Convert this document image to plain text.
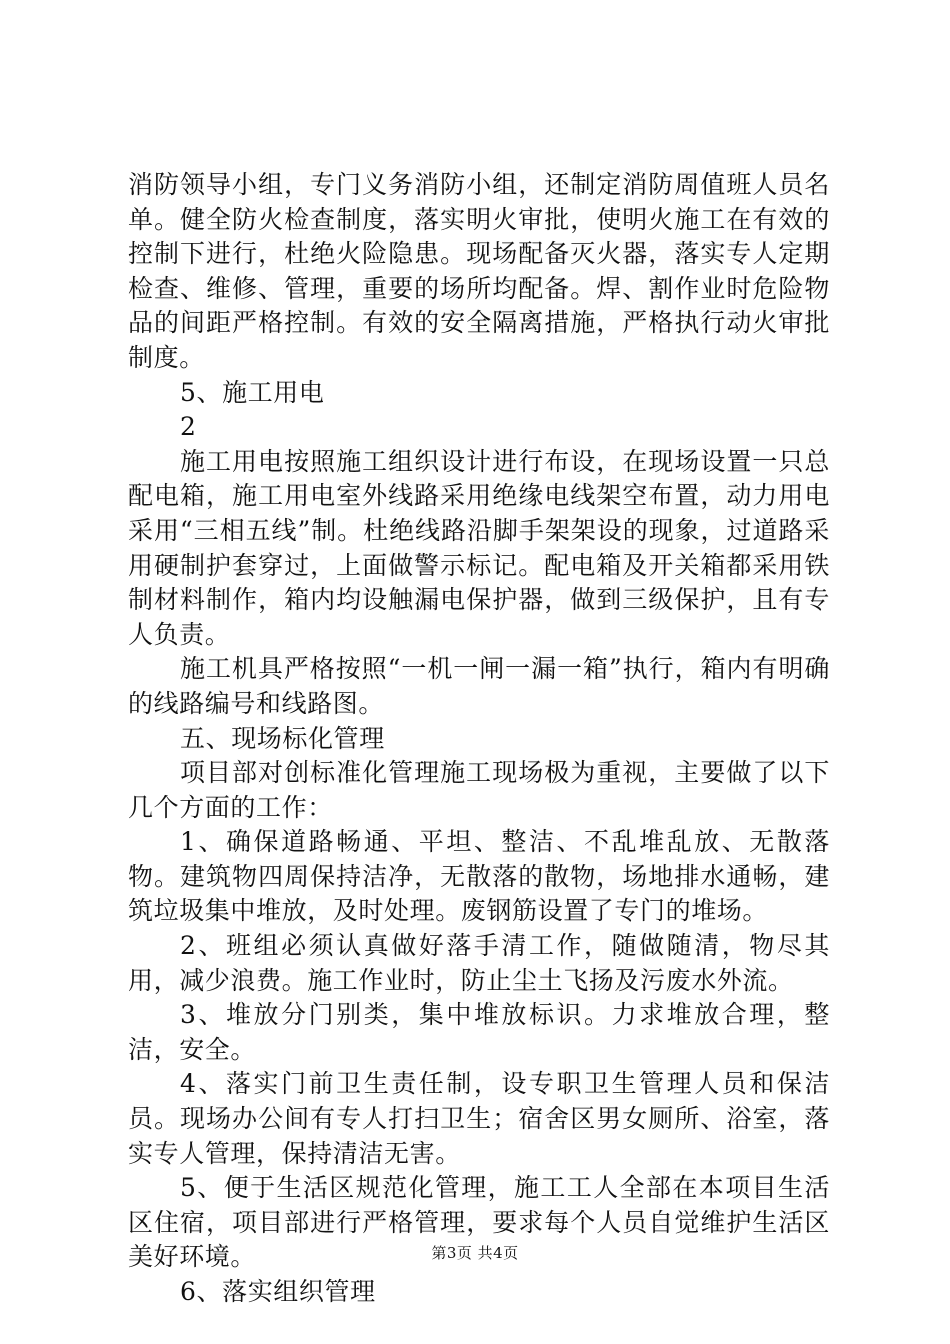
消防领导小组，专门义务消防小组，还制定消防周值班人员名单。健全防火检查制度，落实明火审批，使明火施工在有效的控制下进行，杜绝火险隐患。现场配备灭火器，落实专人定期检查、维修、管理，重要的场所均配备。焊、割作业时危险物品的间距严格控制。有效的安全隔离措施，严格执行动火审批制度。

5、施工用电

2

施工用电按照施工组织设计进行布设，在现场设置一只总配电箱，施工用电室外线路采用绝缘电线架空布置，动力用电采用“三相五线”制。杜绝线路沿脚手架架设的现象，过道路采用硬制护套穿过，上面做警示标记。配电箱及开关箱都采用铁制材料制作，箱内均设触漏电保护器，做到三级保护，且有专人负责。

施工机具严格按照“一机一闸一漏一箱”执行，箱内有明确的线路编号和线路图。

五、现场标化管理

项目部对创标准化管理施工现场极为重视，主要做了以下几个方面的工作：

1、确保道路畅通、平坦、整洁、不乱堆乱放、无散落物。建筑物四周保持洁净，无散落的散物，场地排水通畅，建筑垃圾集中堆放，及时处理。废钢筋设置了专门的堆场。

2、班组必须认真做好落手清工作，随做随清，物尽其用，减少浪费。施工作业时，防止尘土飞扬及污废水外流。

3、堆放分门别类，集中堆放标识。力求堆放合理，整洁，安全。

4、落实门前卫生责任制，设专职卫生管理人员和保洁员。现场办公间有专人打扫卫生；宿舍区男女厕所、浴室，落实专人管理，保持清洁无害。

5、便于生活区规范化管理，施工工人全部在本项目生活区住宿，项目部进行严格管理，要求每个人员自觉维护生活区美好环境。

6、落实组织管理

第3页 共4页
